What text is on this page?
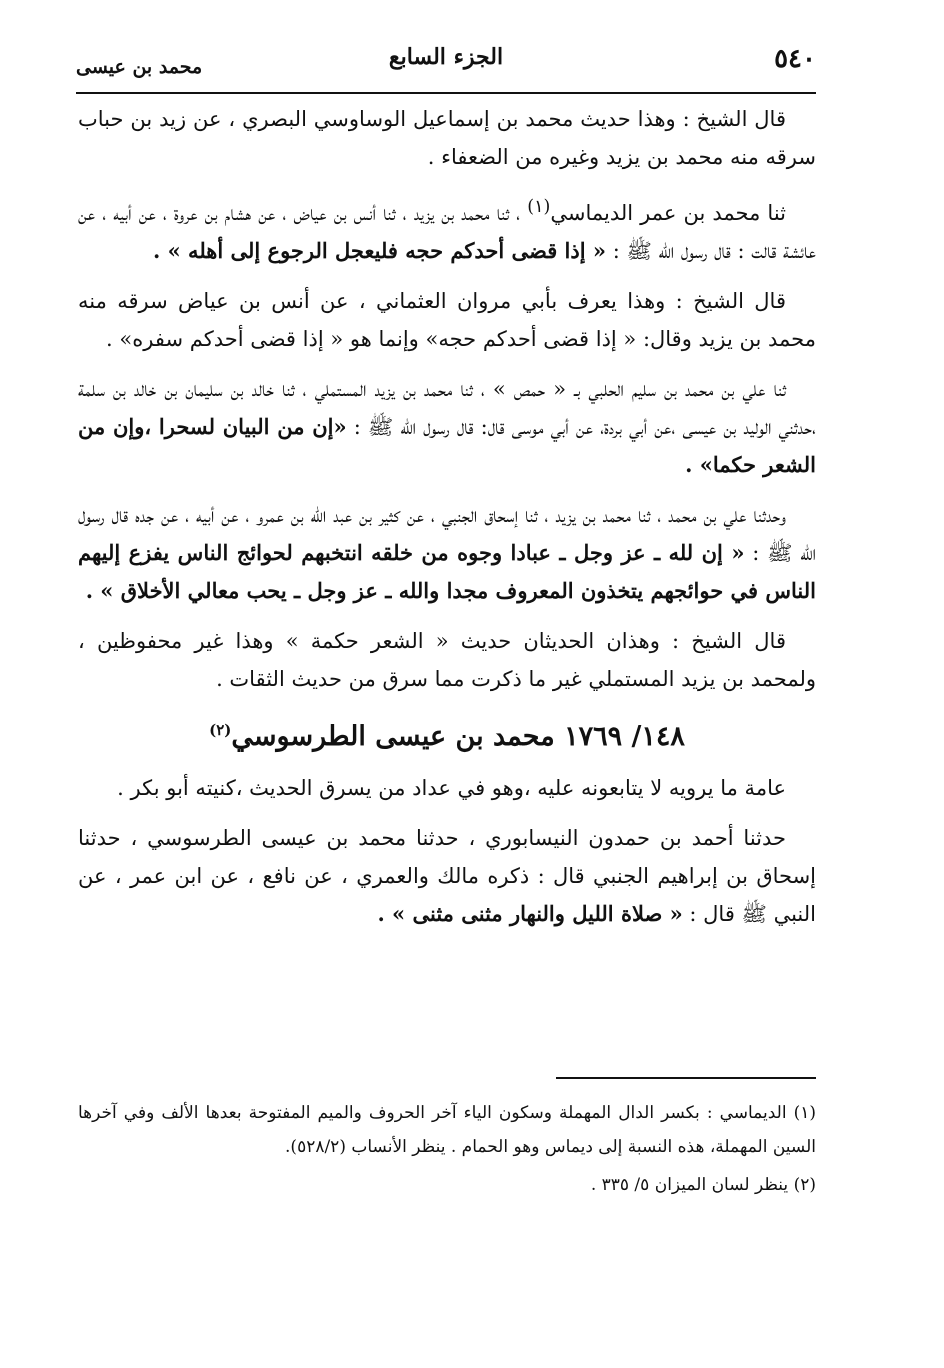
٥٤٠
الجزء السابع
محمد بن عيسى

قال الشيخ : وهذا حديث محمد بن إسماعيل الوساوسي البصري ، عن زيد بن حباب سرقه منه محمد بن يزيد وغيره من الضعفاء .

ثنا محمد بن عمر الديماسي$^{(١)}$ ، ثنا محمد بن يزيد ، ثنا أنس بن عياض ، عن هشام بن عروة ، عن أبيه ، عن عائشة قالت : قال رسول الله ﷺ : « إذا قضى أحدكم حجه فليعجل الرجوع إلى أهله » .

قال الشيخ : وهذا يعرف بأبي مروان العثماني ، عن أنس بن عياض سرقه منه محمد بن يزيد وقال: « إذا قضى أحدكم حجه» وإنما هو « إذا قضى أحدكم سفره» .

ثنا علي بن محمد بن سليم الحلبي بـ « حمص » ، ثنا محمد بن يزيد المستملي ، ثنا خالد بن سليمان بن خالد بن سلمة ،حدثني الوليد بن عيسى ،عن أبي بردة، عن أبي موسى قال: قال رسول الله ﷺ : «إن من البيان لسحرا ،وإن من الشعر حكما» .

وحدثنا علي بن محمد ، ثنا محمد بن يزيد ، ثنا إسحاق الجنبي ، عن كثير بن عبد الله بن عمرو ، عن أبيه ، عن جده قال رسول الله ﷺ : « إن لله ـ عز وجل ـ عبادا وجوه من خلقه انتخبهم لحوائج الناس يفزع إليهم الناس في حوائجهم يتخذون المعروف مجدا والله ـ عز وجل ـ يحب معالي الأخلاق » .

قال الشيخ : وهذان الحديثان حديث « الشعر حكمة » وهذا غير محفوظين ، ولمحمد بن يزيد المستملي غير ما ذكرت مما سرق من حديث الثقات .

١٤٨/ ١٧٦٩ محمد بن عيسى الطرسوسي$^{(٢)}$

عامة ما يرويه لا يتابعونه عليه ،وهو في عداد من يسرق الحديث ،كنيته أبو بكر .

حدثنا أحمد بن حمدون النيسابوري ، حدثنا محمد بن عيسى الطرسوسي ، حدثنا إسحاق بن إبراهيم الجنبي قال : ذكره مالك والعمري ، عن نافع ، عن ابن عمر ، عن النبي ﷺ قال : « صلاة الليل والنهار مثنى مثنى » .

(١) الديماسي : بكسر الدال المهملة وسكون الياء آخر الحروف والميم المفتوحة بعدها الألف وفي آخرها السين المهملة، هذه النسبة إلى ديماس وهو الحمام . ينظر الأنساب (٥٢٨/٢).

(٢) ينظر لسان الميزان ٥/ ٣٣٥ .
